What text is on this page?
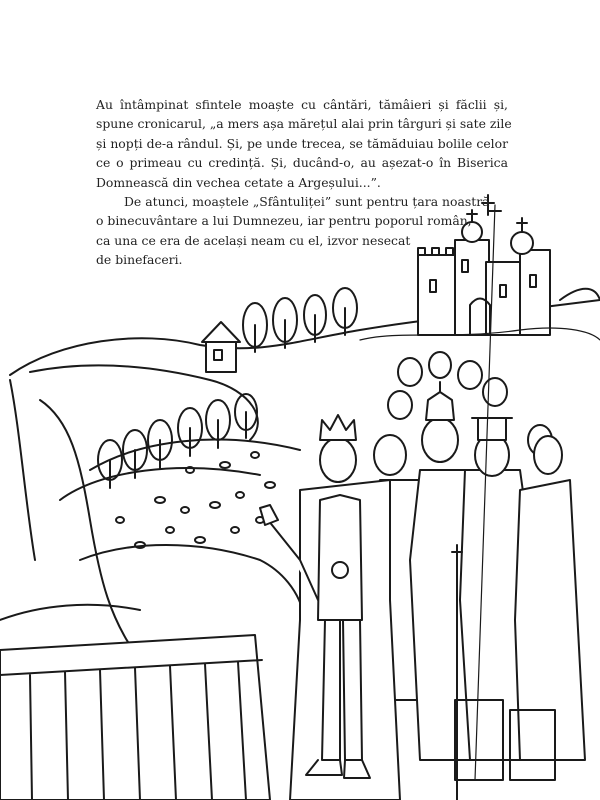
Au întâmpinat sfintele moaște cu cântări, tămâieri și făclii și,
spune cronicarul, „a mers așa mărețul alai prin târguri și sate zile
și nopți de-a rândul. Și, pe unde trecea, se tămăduiau bolile celor
ce o primeau cu credință. Și, ducând-o, au așezat-o în Biserica
Domnească din vechea cetate a Argeșului...”.

De atunci, moaștele „Sfântuliței” sunt pentru țara noastră
o binecuvântare a lui Dumnezeu, iar pentru poporul român,
ca una ce era de același neam cu el, izvor nesecat
de binefaceri.
